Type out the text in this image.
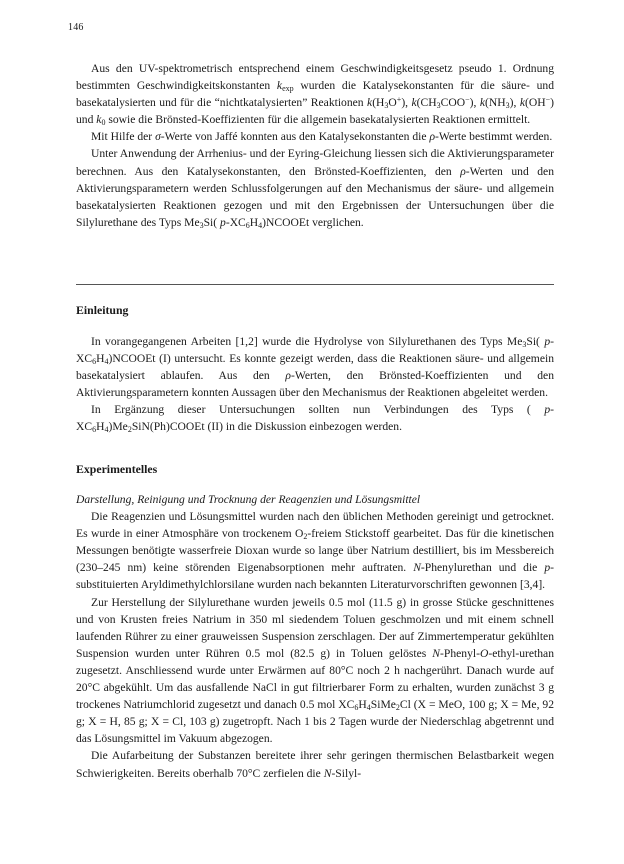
146

Aus den UV-spektrometrisch entsprechend einem Geschwindigkeitsgesetz pseudo 1. Ordnung bestimmten Geschwindigkeitskonstanten $k_{exp}$ wurden die Katalysekonstanten für die säure- und basekatalysierten und für die “nichtkatalysierten” Reaktionen $k(H_3O^+)$, $k(CH_3COO^-)$, $k(NH_3)$, k(OH−) und $k_0$ sowie die Brönsted-Koeffizienten für die allgemein basekatalysierten Reaktionen ermittelt.

Mit Hilfe der σ-Werte von Jaffé konnten aus den Katalysekonstanten die ρ-Werte bestimmt werden.

Unter Anwendung der Arrhenius- und der Eyring-Gleichung liessen sich die Aktivierungsparameter berechnen. Aus den Katalysekonstanten, den Brönsted-Koeffizienten, den ρ-Werten und den Aktivierungsparametern werden Schlussfolgerungen auf den Mechanismus der säure- und allgemein basekatalysierten Reaktionen gezogen und mit den Ergebnissen der Untersuchungen über die Silylurethane des Typs $Me_3Si$( $p-XC_6H_4)NCOOEt$ verglichen.

Einleitung

In vorangegangenen Arbeiten [1,2] wurde die Hydrolyse von Silylurethanen des Typs $Me_3Si$( $p-XC_6H_4)NCOOEt$ (I) untersucht. Es konnte gezeigt werden, dass die Reaktionen säure- und allgemein basekatalysiert ablaufen. Aus den ρ-Werten, den Brönsted-Koeffizienten und den Aktivierungsparametern konnten Aussagen über den Mechanismus der Reaktionen abgeleitet werden.

In Ergänzung dieser Untersuchungen sollten nun Verbindungen des Typs ( $p-XC_6H_4)Me_2SiN(Ph)COOEt$ (II) in die Diskussion einbezogen werden.

Experimentelles

Darstellung, Reinigung und Trocknung der Reagenzien und Lösungsmittel

Die Reagenzien und Lösungsmittel wurden nach den üblichen Methoden gereinigt und getrocknet. Es wurde in einer Atmosphäre von trockenem $O_2$-freiem Stickstoff gearbeitet. Das für die kinetischen Messungen benötigte wasserfreie Dioxan wurde so lange über Natrium destilliert, bis im Messbereich (230–245 nm) keine störenden Eigenabsorptionen mehr auftraten. N-Phenylurethan und die p-substituierten Aryldimethylchlorsilane wurden nach bekannten Literaturvorschriften gewonnen [3,4].

Zur Herstellung der Silylurethane wurden jeweils 0.5 mol (11.5 g) in grosse Stücke geschnittenes und von Krusten freies Natrium in 350 ml siedendem Toluen geschmolzen und mit einem schnell laufenden Rührer zu einer grauweissen Suspension zerschlagen. Der auf Zimmertemperatur gekühlten Suspension wurden unter Rühren 0.5 mol (82.5 g) in Toluen gelöstes N-Phenyl-O-ethyl-urethan zugesetzt. Anschliessend wurde unter Erwärmen auf 80°C noch 2 h nachgerührt. Danach wurde auf 20°C abgekühlt. Um das ausfallende NaCl in gut filtrierbarer Form zu erhalten, wurden zunächst 3 g trockenes Natriumchlorid zugesetzt und danach 0.5 mol $XC_6H_4SiMe_2Cl$ (X = MeO, 100 g; X = Me, 92 g; X = H, 85 g; X = Cl, 103 g) zugetropft. Nach 1 bis 2 Tagen wurde der Niederschlag abgetrennt und das Lösungsmittel im Vakuum abgezogen.

Die Aufarbeitung der Substanzen bereitete ihrer sehr geringen thermischen Belastbarkeit wegen Schwierigkeiten. Bereits oberhalb 70°C zerfielen die N-Silyl-
